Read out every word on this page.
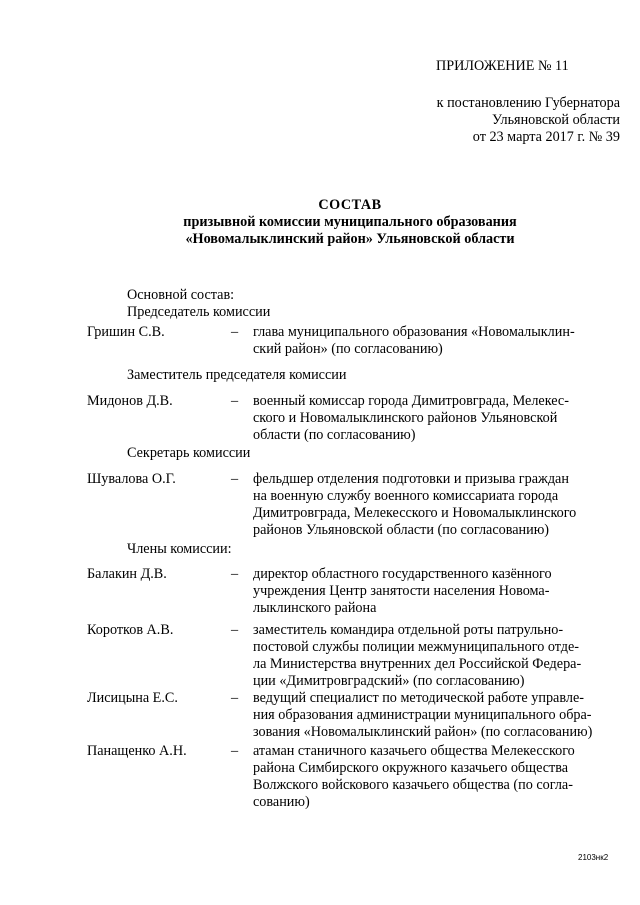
ПРИЛОЖЕНИЕ № 11
к постановлению Губернатора
Ульяновской области
от 23 марта 2017 г. № 39
СОСТАВ
призывной комиссии муниципального образования
«Новомалыклинский район» Ульяновской области
Основной состав:
Председатель комиссии
Гришин С.В.	– глава муниципального образования «Новомалыклин-
ский район» (по согласованию)
Заместитель председателя комиссии
Мидонов Д.В.	– военный комиссар города Димитровграда, Мелекес-
ского и Новомалыклинского районов Ульяновской
области (по согласованию)
Секретарь комиссии
Шувалова О.Г.	– фельдшер отделения подготовки и призыва граждан
на военную службу военного комиссариата города
Димитровграда, Мелекесского и Новомалыклинского
районов Ульяновской области (по согласованию)
Члены комиссии:
Балакин Д.В.	– директор областного государственного казённого
учреждения Центр занятости населения Новома-
лыклинского района
Коротков А.В.	– заместитель командира отдельной роты патрульно-
постовой службы полиции межмуниципального отде-
ла Министерства внутренних дел Российской Федера-
ции «Димитровградский» (по согласованию)
Лисицына Е.С.	– ведущий специалист по методической работе управле-
ния образования администрации муниципального обра-
зования «Новомалыклинский район» (по согласованию)
Панащенко А.Н.	– атаман станичного казачьего общества Мелекесского
района Симбирского окружного казачьего общества
Волжского войскового казачьего общества (по согла-
сованию)
2103нк2
